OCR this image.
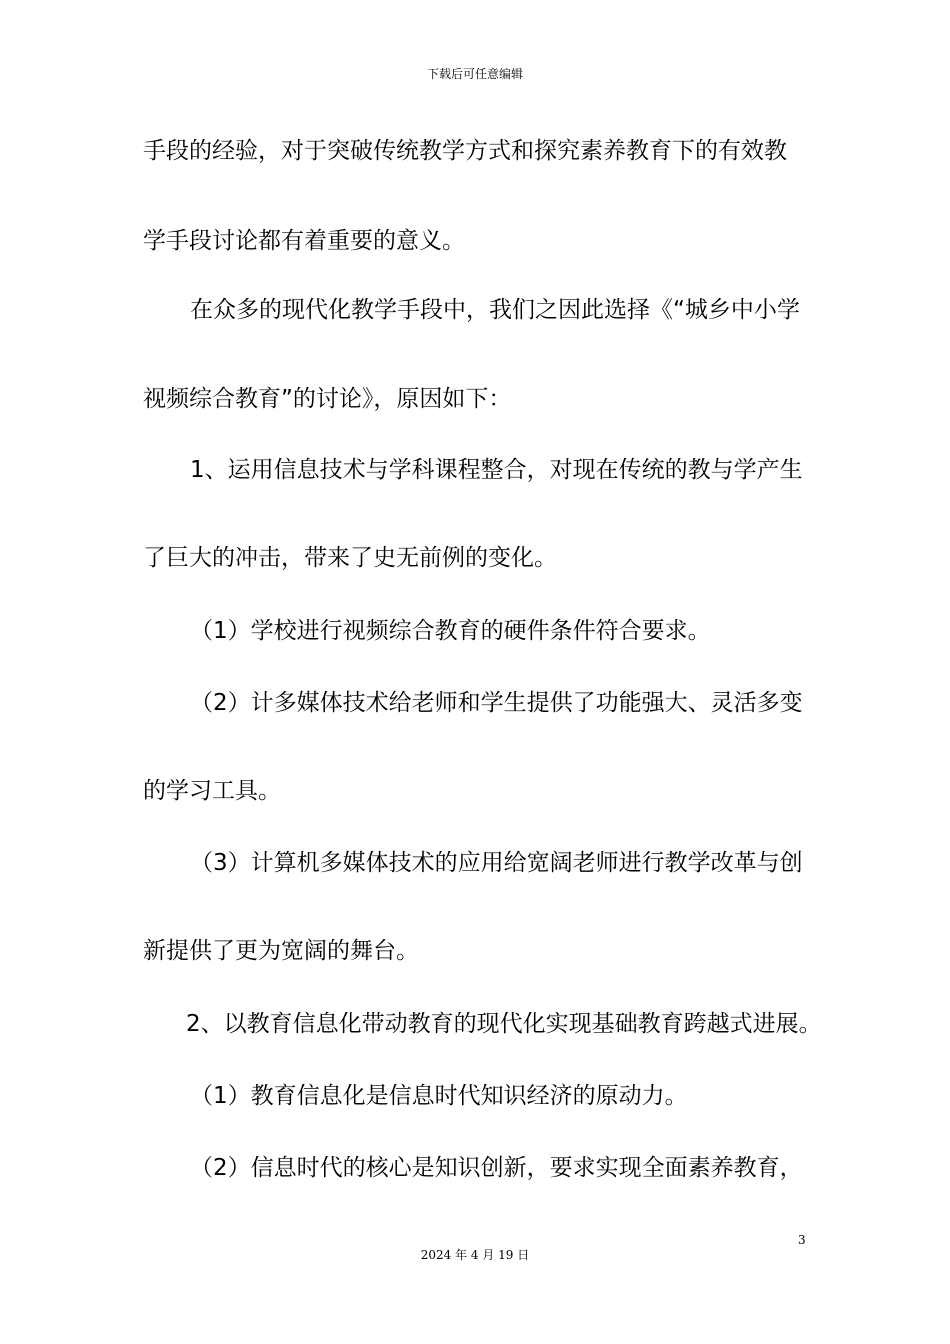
下载后可任意编辑
手段的经验，对于突破传统教学方式和探究素养教育下的有效教
学手段讨论都有着重要的意义。
在众多的现代化教学手段中，我们之因此选择《“城乡中小学
视频综合教育”的讨论》，原因如下：
1、运用信息技术与学科课程整合，对现在传统的教与学产生
了巨大的冲击，带来了史无前例的变化。
（1）学校进行视频综合教育的硬件条件符合要求。
（2）计多媒体技术给老师和学生提供了功能强大、灵活多变
的学习工具。
（3）计算机多媒体技术的应用给宽阔老师进行教学改革与创
新提供了更为宽阔的舞台。
2、以教育信息化带动教育的现代化实现基础教育跨越式进展。
（1）教育信息化是信息时代知识经济的原动力。
（2）信息时代的核心是知识创新，要求实现全面素养教育，
3
2024 年 4 月 19 日
